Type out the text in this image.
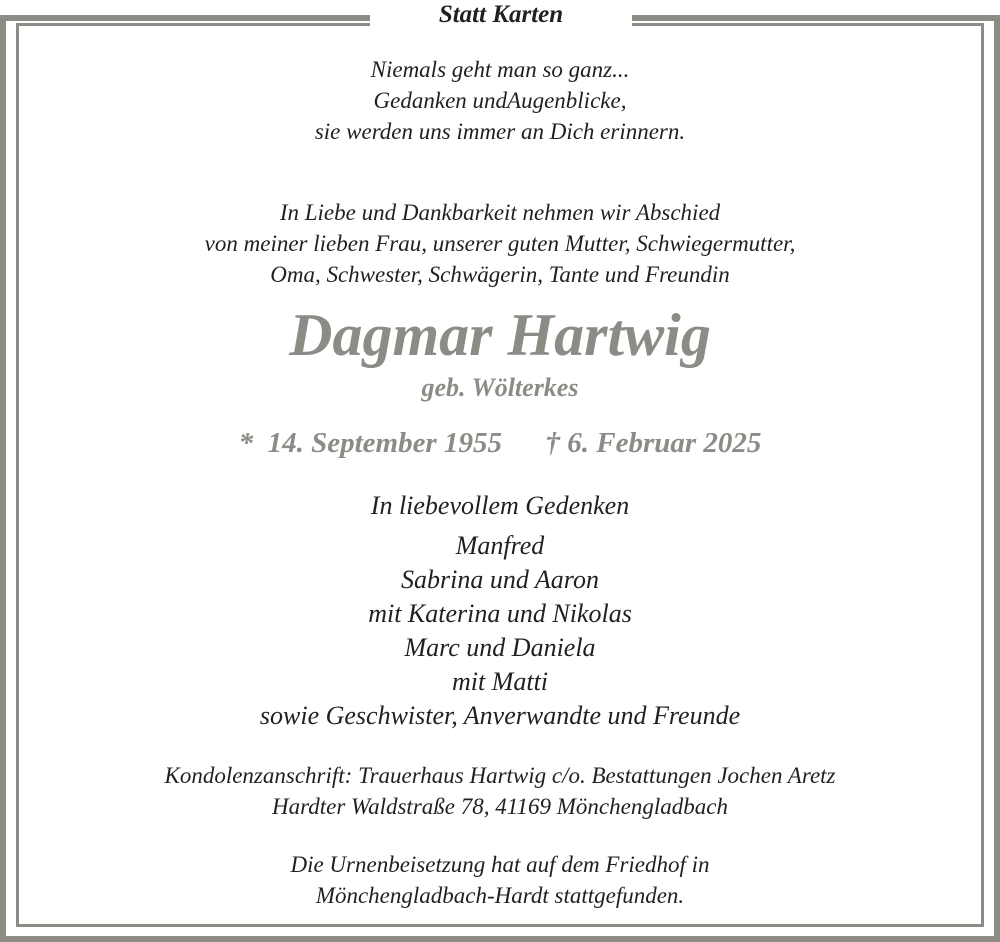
Statt Karten
Niemals geht man so ganz...
Gedanken undAugenblicke,
sie werden uns immer an Dich erinnern.
In Liebe und Dankbarkeit nehmen wir Abschied
von meiner lieben Frau, unserer guten Mutter, Schwiegermutter,
Oma, Schwester, Schwägerin, Tante und Freundin
Dagmar Hartwig
geb. Wölterkes
*  14. September 1955 † 6. Februar 2025
In liebevollem Gedenken
Manfred
Sabrina und Aaron
mit Katerina und Nikolas
Marc und Daniela
mit Matti
sowie Geschwister, Anverwandte und Freunde
Kondolenzanschrift: Trauerhaus Hartwig c/o. Bestattungen Jochen Aretz
Hardter Waldstraße 78, 41169 Mönchengladbach
Die Urnenbeisetzung hat auf dem Friedhof in
Mönchengladbach-Hardt stattgefunden.
